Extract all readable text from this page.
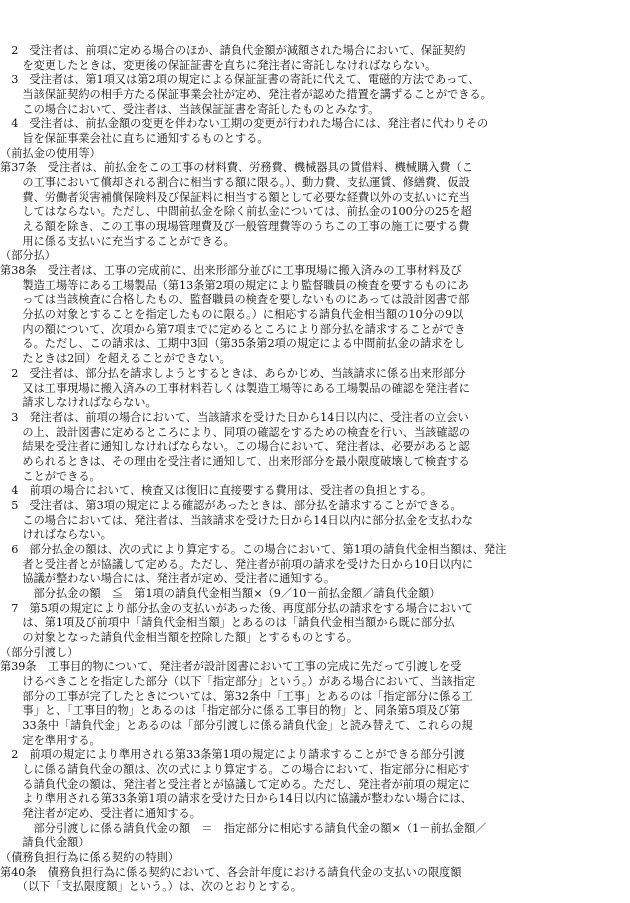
　2　受注者は、前項に定める場合のほか、請負代金額が減額された場合において、保証契約
　　を変更したときは、変更後の保証証書を直ちに発注者に寄託しなければならない。
　3　受注者は、第1項又は第2項の規定による保証証書の寄託に代えて、電磁的方法であって、
　　当該保証契約の相手方たる保証事業会社が定め、発注者が認めた措置を講ずることができる。
　　この場合において、受注者は、当該保証証書を寄託したものとみなす。
　4　受注者は、前払金額の変更を伴わない工期の変更が行われた場合には、発注者に代わりその
　　旨を保証事業会社に直ちに通知するものとする。
（前払金の使用等）
第37条　受注者は、前払金をこの工事の材料費、労務費、機械器具の賃借料、機械購入費（こ
　　の工事において償却される割合に相当する額に限る。）、動力費、支払運賃、修繕費、仮設
　　費、労働者災害補償保険料及び保証料に相当する額として必要な経費以外の支払いに充当
　　してはならない。ただし、中間前払金を除く前払金については、前払金の100分の25を超
　　える額を除き、この工事の現場管理費及び一般管理費等のうちこの工事の施工に要する費
　　用に係る支払いに充当することができる。
（部分払）
第38条　受注者は、工事の完成前に、出来形部分並びに工事現場に搬入済みの工事材料及び
　　製造工場等にある工場製品（第13条第2項の規定により監督職員の検査を要するものにあ
　　っては当該検査に合格したもの、監督職員の検査を要しないものにあっては設計図書で部
　　分払の対象とすることを指定したものに限る。）に相応する請負代金相当額の10分の9以
　　内の額について、次項から第7項までに定めるところにより部分払を請求することができ
　　る。ただし、この請求は、工期中3回（第35条第2項の規定による中間前払金の請求をし
　　たときは2回）を超えることができない。
　2　受注者は、部分払を請求しようとするときは、あらかじめ、当該請求に係る出来形部分
　　又は工事現場に搬入済みの工事材料若しくは製造工場等にある工場製品の確認を発注者に
　　請求しなければならない。
　3　発注者は、前項の場合において、当該請求を受けた日から14日以内に、受注者の立会い
　　の上、設計図書に定めるところにより、同項の確認をするための検査を行い、当該確認の
　　結果を受注者に通知しなければならない。この場合において、発注者は、必要があると認
　　められるときは、その理由を受注者に通知して、出来形部分を最小限度破壊して検査する
　　ことができる。
　4　前項の場合において、検査又は復旧に直接要する費用は、受注者の負担とする。
　5　受注者は、第3項の規定による確認があったときは、部分払を請求することができる。
　　この場合においては、発注者は、当該請求を受けた日から14日以内に部分払金を支払わな
　　ければならない。
　6　部分払金の額は、次の式により算定する。この場合において、第1項の請負代金相当額は、発注
　　者と受注者とが協議して定める。ただし、発注者が前項の請求を受けた日から10日以内に
　　協議が整わない場合には、発注者が定め、受注者に通知する。
　　　部分払金の額　≦　第1項の請負代金相当額×（9／10－前払金額／請負代金額）
　7　第5項の規定により部分払金の支払いがあった後、再度部分払の請求をする場合において
　　は、第1項及び前項中「請負代金相当額」とあるのは「請負代金相当額から既に部分払
　　の対象となった請負代金相当額を控除した額」とするものとする。
（部分引渡し）
第39条　工事目的物について、発注者が設計図書において工事の完成に先だって引渡しを受
　　けるべきことを指定した部分（以下「指定部分」という。）がある場合において、当該指定
　　部分の工事が完了したときについては、第32条中「工事」とあるのは「指定部分に係る工
　　事」と、「工事目的物」とあるのは「指定部分に係る工事目的物」と、同条第5項及び第
　　33条中「請負代金」とあるのは「部分引渡しに係る請負代金」と読み替えて、これらの規
　　定を準用する。
　2　前項の規定により準用される第33条第1項の規定により請求することができる部分引渡
　　しに係る請負代金の額は、次の式により算定する。この場合において、指定部分に相応す
　　る請負代金の額は、発注者と受注者とが協議して定める。ただし、発注者が前項の規定に
　　より準用される第33条第1項の請求を受けた日から14日以内に協議が整わない場合には、
　　発注者が定め、受注者に通知する。
　　　部分引渡しに係る請負代金の額　＝　指定部分に相応する請負代金の額×（1－前払金額／
　　請負代金額）
（債務負担行為に係る契約の特則）
第40条　債務負担行為に係る契約において、各会計年度における請負代金の支払いの限度額
　　（以下「支払限度額」という。）は、次のとおりとする。
